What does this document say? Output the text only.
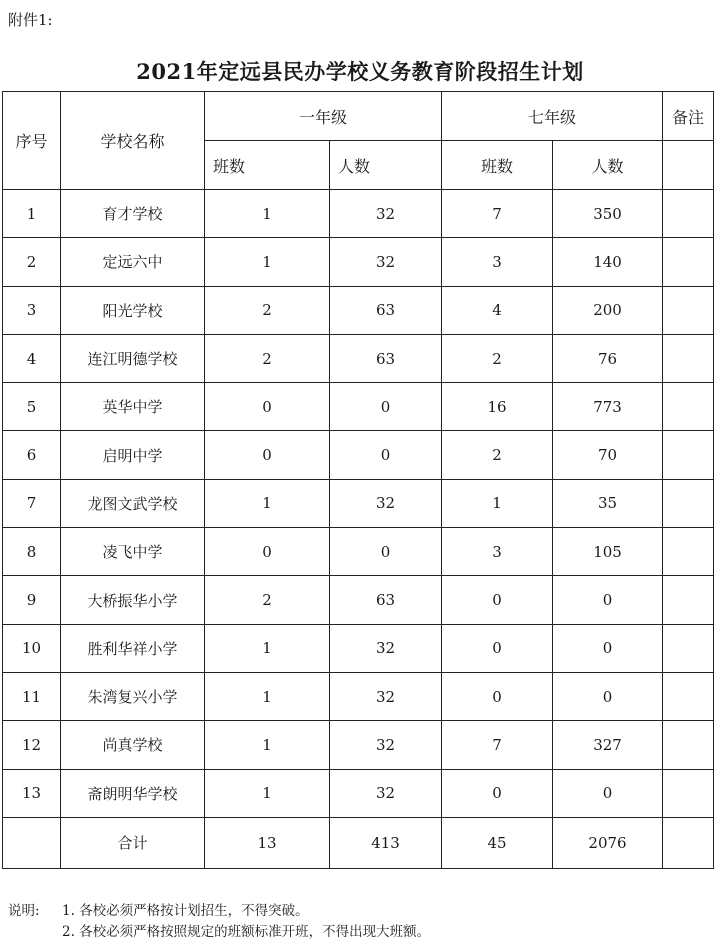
附件1:
2021年定远县民办学校义务教育阶段招生计划
序号	学校名称	一年级		七年级		备注
		班数	人数	班数	人数	
1	育才学校	1	32	7	350	
2	定远六中	1	32	3	140	
3	阳光学校	2	63	4	200	
4	连江明德学校	2	63	2	76	
5	英华中学	0	0	16	773	
6	启明中学	0	0	2	70	
7	龙图文武学校	1	32	1	35	
8	凌飞中学	0	0	3	105	
9	大桥振华小学	2	63	0	0	
10	胜利华祥小学	1	32	0	0	
11	朱湾复兴小学	1	32	0	0	
12	尚真学校	1	32	7	327	
13	斋朗明华学校	1	32	0	0	
	合计	13	413	45	2076	
说明:	1. 各校必须严格按计划招生，不得突破。
2. 各校必须严格按照规定的班额标准开班，不得出现大班额。
